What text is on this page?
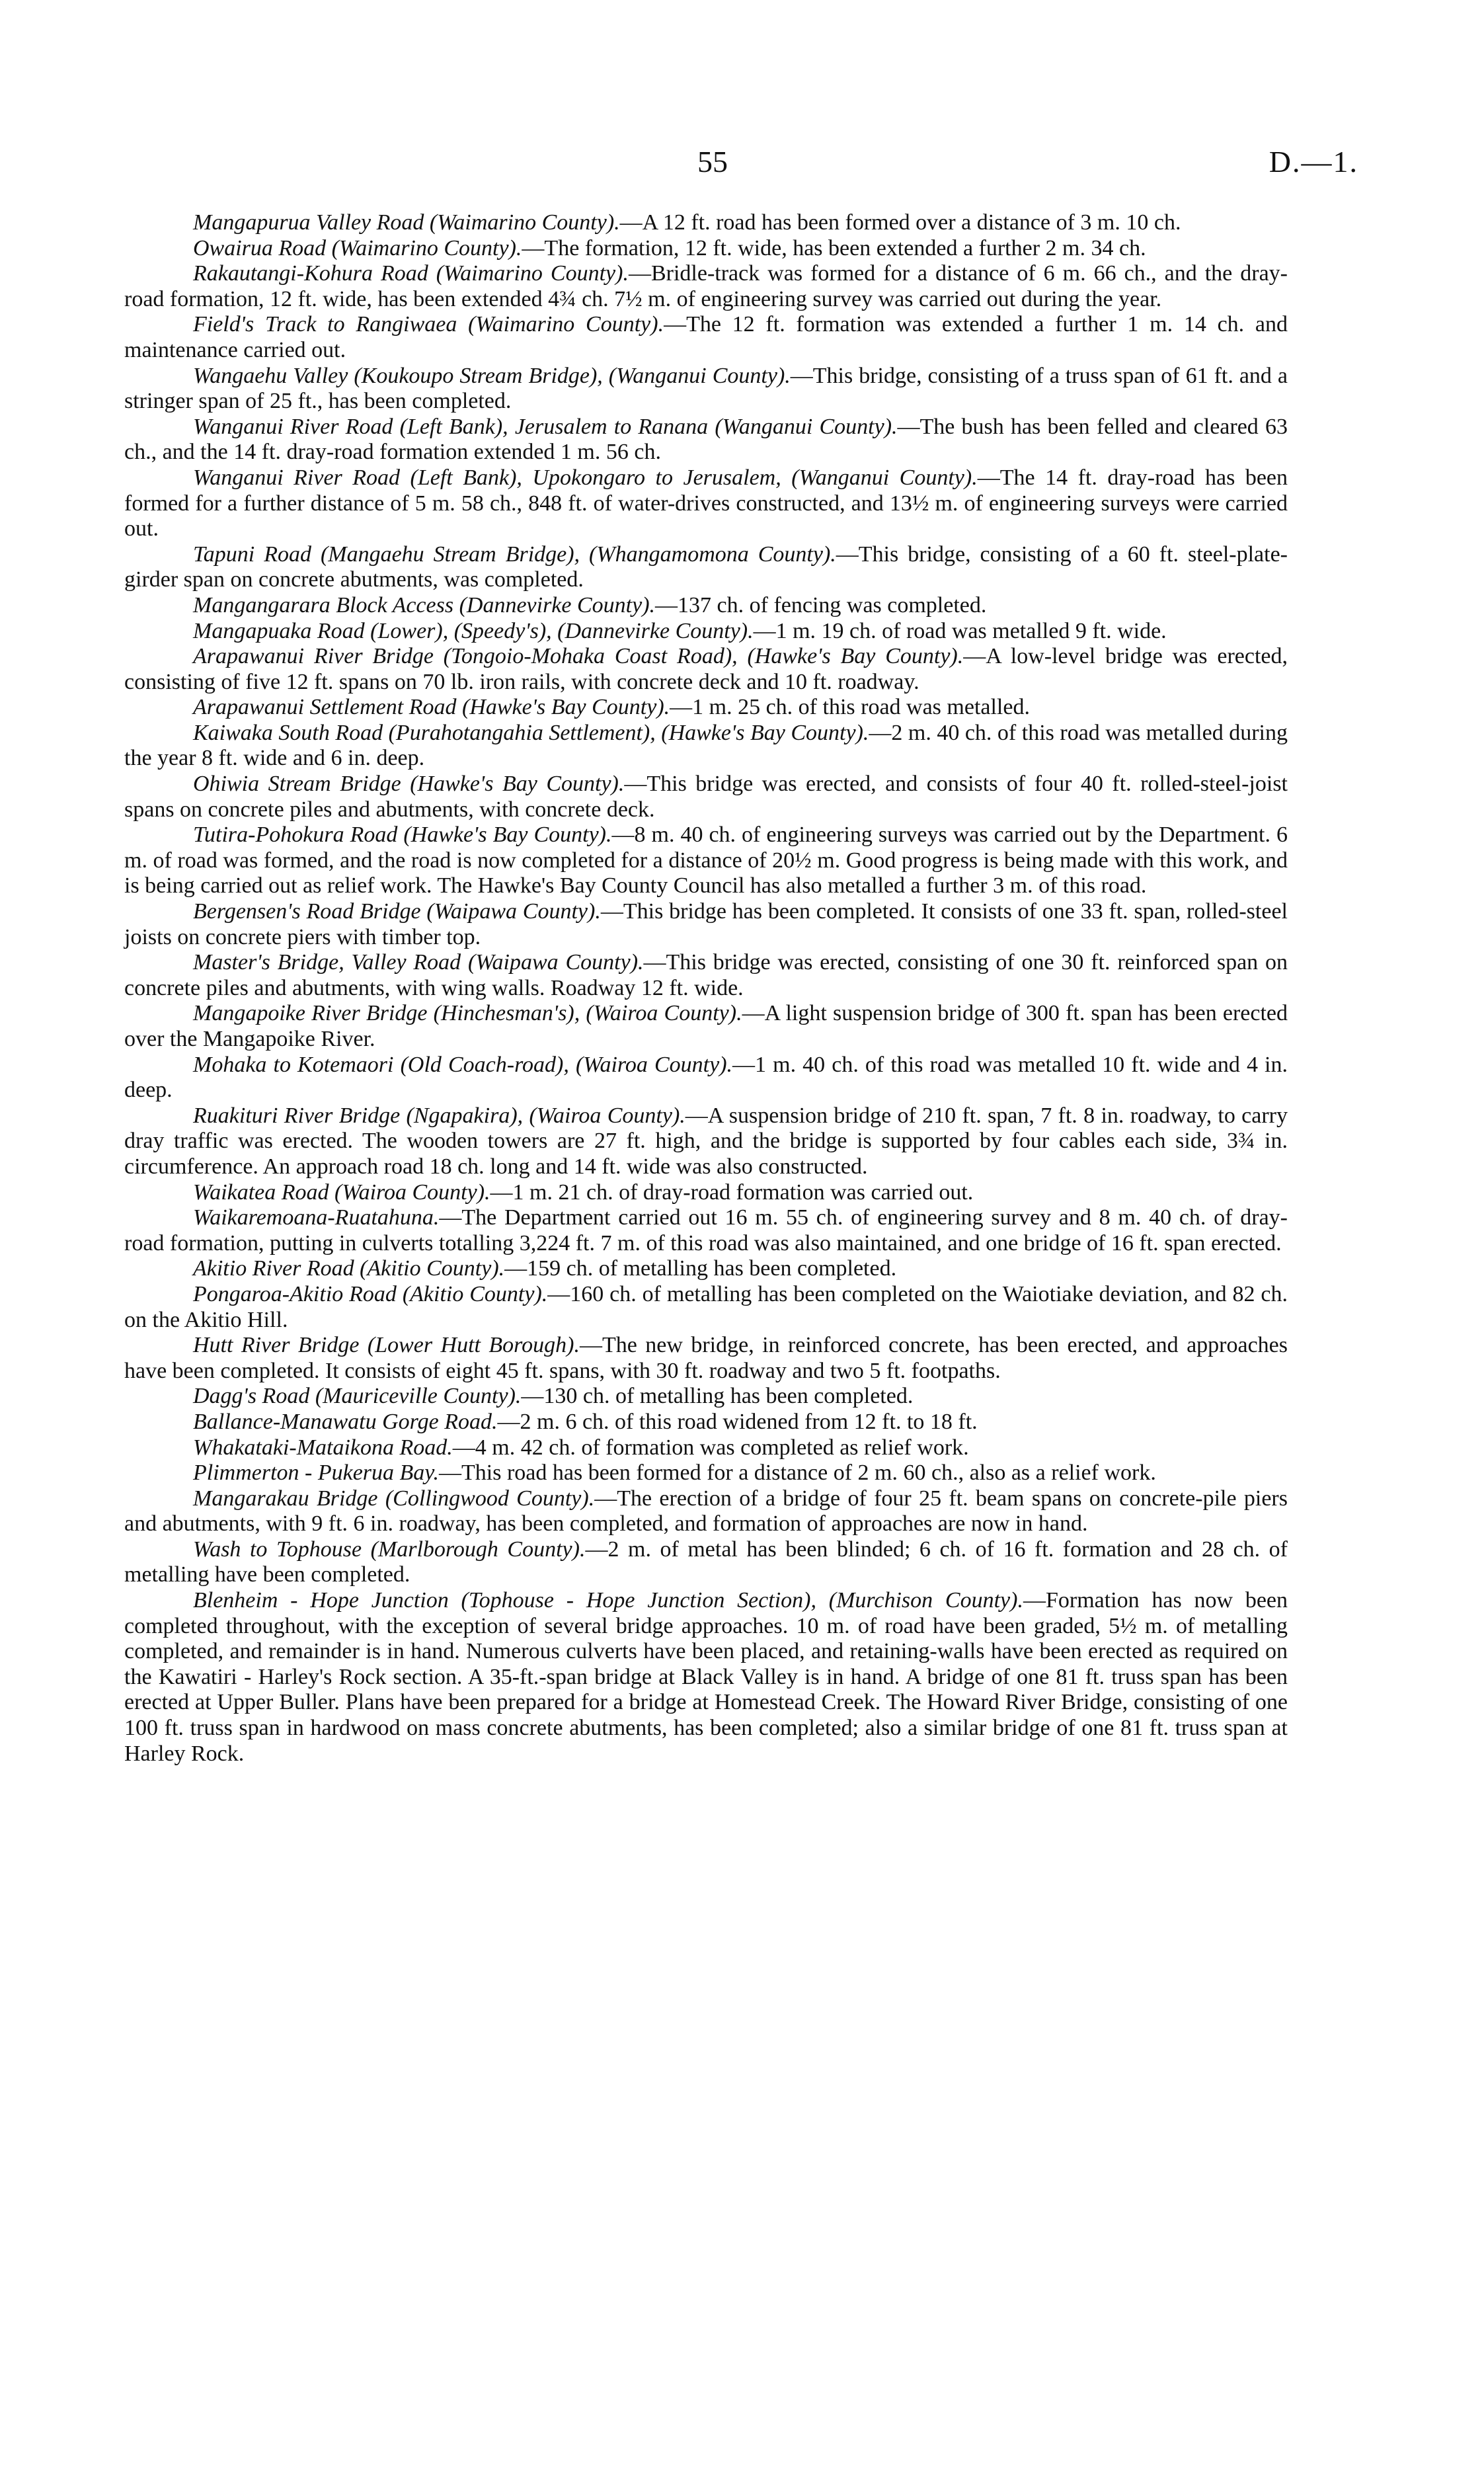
55	D.—1.

Mangapurua Valley Road (Waimarino County).—A 12 ft. road has been formed over a distance of 3 m. 10 ch.

Owairua Road (Waimarino County).—The formation, 12 ft. wide, has been extended a further 2 m. 34 ch.

Rakautangi-Kohura Road (Waimarino County).—Bridle-track was formed for a distance of 6 m. 66 ch., and the dray-road formation, 12 ft. wide, has been extended 4¾ ch. 7½ m. of engineering survey was carried out during the year.

Field's Track to Rangiwaea (Waimarino County).—The 12 ft. formation was extended a further 1 m. 14 ch. and maintenance carried out.

Wangaehu Valley (Koukoupo Stream Bridge), (Wanganui County).—This bridge, consisting of a truss span of 61 ft. and a stringer span of 25 ft., has been completed.

Wanganui River Road (Left Bank), Jerusalem to Ranana (Wanganui County).—The bush has been felled and cleared 63 ch., and the 14 ft. dray-road formation extended 1 m. 56 ch.

Wanganui River Road (Left Bank), Upokongaro to Jerusalem, (Wanganui County).—The 14 ft. dray-road has been formed for a further distance of 5 m. 58 ch., 848 ft. of water-drives constructed, and 13½ m. of engineering surveys were carried out.

Tapuni Road (Mangaehu Stream Bridge), (Whangamomona County).—This bridge, consisting of a 60 ft. steel-plate-girder span on concrete abutments, was completed.

Mangangarara Block Access (Dannevirke County).—137 ch. of fencing was completed.

Mangapuaka Road (Lower), (Speedy's), (Dannevirke County).—1 m. 19 ch. of road was metalled 9 ft. wide.

Arapawanui River Bridge (Tongoio-Mohaka Coast Road), (Hawke's Bay County).—A low-level bridge was erected, consisting of five 12 ft. spans on 70 lb. iron rails, with concrete deck and 10 ft. roadway.

Arapawanui Settlement Road (Hawke's Bay County).—1 m. 25 ch. of this road was metalled.

Kaiwaka South Road (Purahotangahia Settlement), (Hawke's Bay County).—2 m. 40 ch. of this road was metalled during the year 8 ft. wide and 6 in. deep.

Ohiwia Stream Bridge (Hawke's Bay County).—This bridge was erected, and consists of four 40 ft. rolled-steel-joist spans on concrete piles and abutments, with concrete deck.

Tutira-Pohokura Road (Hawke's Bay County).—8 m. 40 ch. of engineering surveys was carried out by the Department. 6 m. of road was formed, and the road is now completed for a distance of 20½ m. Good progress is being made with this work, and is being carried out as relief work. The Hawke's Bay County Council has also metalled a further 3 m. of this road.

Bergensen's Road Bridge (Waipawa County).—This bridge has been completed. It consists of one 33 ft. span, rolled-steel joists on concrete piers with timber top.

Master's Bridge, Valley Road (Waipawa County).—This bridge was erected, consisting of one 30 ft. reinforced span on concrete piles and abutments, with wing walls. Roadway 12 ft. wide.

Mangapoike River Bridge (Hinchesman's), (Wairoa County).—A light suspension bridge of 300 ft. span has been erected over the Mangapoike River.

Mohaka to Kotemaori (Old Coach-road), (Wairoa County).—1 m. 40 ch. of this road was metalled 10 ft. wide and 4 in. deep.

Ruakituri River Bridge (Ngapakira), (Wairoa County).—A suspension bridge of 210 ft. span, 7 ft. 8 in. roadway, to carry dray traffic was erected. The wooden towers are 27 ft. high, and the bridge is supported by four cables each side, 3¾ in. circumference. An approach road 18 ch. long and 14 ft. wide was also constructed.

Waikatea Road (Wairoa County).—1 m. 21 ch. of dray-road formation was carried out.

Waikaremoana-Ruatahuna.—The Department carried out 16 m. 55 ch. of engineering survey and 8 m. 40 ch. of dray-road formation, putting in culverts totalling 3,224 ft. 7 m. of this road was also maintained, and one bridge of 16 ft. span erected.

Akitio River Road (Akitio County).—159 ch. of metalling has been completed.

Pongaroa-Akitio Road (Akitio County).—160 ch. of metalling has been completed on the Waiotiake deviation, and 82 ch. on the Akitio Hill.

Hutt River Bridge (Lower Hutt Borough).—The new bridge, in reinforced concrete, has been erected, and approaches have been completed. It consists of eight 45 ft. spans, with 30 ft. roadway and two 5 ft. footpaths.

Dagg's Road (Mauriceville County).—130 ch. of metalling has been completed.

Ballance-Manawatu Gorge Road.—2 m. 6 ch. of this road widened from 12 ft. to 18 ft.

Whakataki-Mataikona Road.—4 m. 42 ch. of formation was completed as relief work.

Plimmerton - Pukerua Bay.—This road has been formed for a distance of 2 m. 60 ch., also as a relief work.

Mangarakau Bridge (Collingwood County).—The erection of a bridge of four 25 ft. beam spans on concrete-pile piers and abutments, with 9 ft. 6 in. roadway, has been completed, and formation of approaches are now in hand.

Wash to Tophouse (Marlborough County).—2 m. of metal has been blinded; 6 ch. of 16 ft. formation and 28 ch. of metalling have been completed.

Blenheim - Hope Junction (Tophouse - Hope Junction Section), (Murchison County).—Formation has now been completed throughout, with the exception of several bridge approaches. 10 m. of road have been graded, 5½ m. of metalling completed, and remainder is in hand. Numerous culverts have been placed, and retaining-walls have been erected as required on the Kawatiri - Harley's Rock section. A 35-ft.-span bridge at Black Valley is in hand. A bridge of one 81 ft. truss span has been erected at Upper Buller. Plans have been prepared for a bridge at Homestead Creek. The Howard River Bridge, consisting of one 100 ft. truss span in hardwood on mass concrete abutments, has been completed; also a similar bridge of one 81 ft. truss span at Harley Rock.
